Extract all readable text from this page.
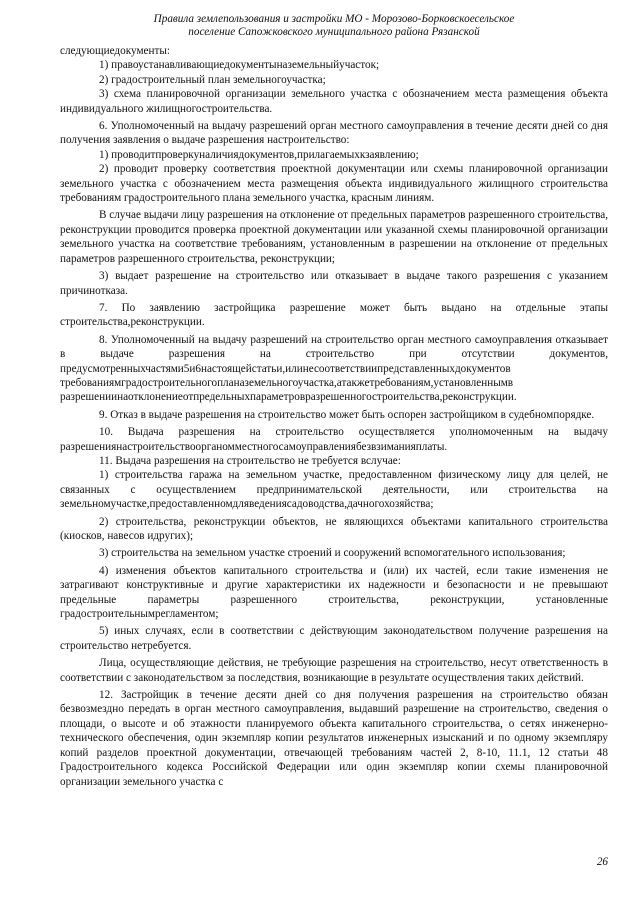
Правила землепользования и застройки МО - Морозово-Борковскоесельское
поселение Сапожковского муниципального района Рязанской

следующиедокументы:

1) правоустанавливающиедокументыназемельныйучасток;

2) градостроительный план земельногоучастка;

3) схема планировочной организации земельного участка с обозначением места размещения объекта индивидуального жилищногостроительства.

6. Уполномоченный на выдачу разрешений орган местного самоуправления в течение десяти дней со дня получения заявления о выдаче разрешения настроительство:

1) проводитпроверкуналичиядокументов,прилагаемыхкзаявлению;

2) проводит проверку соответствия проектной документации или схемы планировочной организации земельного участка с обозначением места размещения объекта индивидуального жилищного строительства требованиям градостроительного плана земельного участка, красным линиям.

В случае выдачи лицу разрешения на отклонение от предельных параметров разрешенного строительства, реконструкции проводится проверка проектной документации или указанной схемы планировочной организации земельного участка на соответствие требованиям, установленным в разрешении на отклонение от предельных параметров разрешенного строительства, реконструкции;

3) выдает разрешение на строительство или отказывает в выдаче такого разрешения с указанием причинотказа.

7. По заявлению застройщика разрешение может быть выдано на отдельные этапы строительства,реконструкции.

8. Уполномоченный на выдачу разрешений на строительство орган местного самоуправления отказывает в выдаче разрешения на строительство при отсутствии документов, предусмотренныхчастями5и6настоящейстатьи,илинесоответствиипредставленныхдокументов требованиямградостроительногопланаземельногоучастка,атакжетребованиям,установленнымв разрешениинаотклонениеотпредельныхпараметровразрешенногостроительства,реконструкции.

9. Отказ в выдаче разрешения на строительство может быть оспорен застройщиком в судебномпорядке.

10. Выдача разрешения на строительство осуществляется уполномоченным на выдачу разрешениянастроительствоорганомместногосамоуправлениябезвзиманияплаты.

11. Выдача разрешения на строительство не требуется вслучае:

1) строительства гаража на земельном участке, предоставленном физическому лицу для целей, не связанных с осуществлением предпринимательской деятельности, или строительства на земельномучастке,предоставленномдляведениясадоводства,дачногохозяйства;

2) строительства, реконструкции объектов, не являющихся объектами капитального строительства (киосков, навесов идругих);

3) строительства на земельном участке строений и сооружений вспомогательного использования;

4) изменения объектов капитального строительства и (или) их частей, если такие изменения не затрагивают конструктивные и другие характеристики их надежности и безопасности и не превышают предельные параметры разрешенного строительства, реконструкции, установленные градостроительнымрегламентом;

5) иных случаях, если в соответствии с действующим законодательством получение разрешения на строительство нетребуется.

Лица, осуществляющие действия, не требующие разрешения на строительство, несут ответственность в соответствии с законодательством за последствия, возникающие в результате осуществления таких действий.

12. Застройщик в течение десяти дней со дня получения разрешения на строительство обязан безвозмездно передать в орган местного самоуправления, выдавший разрешение на строительство, сведения о площади, о высоте и об этажности планируемого объекта капитального строительства, о сетях инженерно-технического обеспечения, один экземпляр копии результатов инженерных изысканий и по одному экземпляру копий разделов проектной документации, отвечающей требованиям частей 2, 8-10, 11.1, 12 статьи 48 Градостроительного кодекса Российской Федерации или один экземпляр копии схемы планировочной организации земельного участка с

26
